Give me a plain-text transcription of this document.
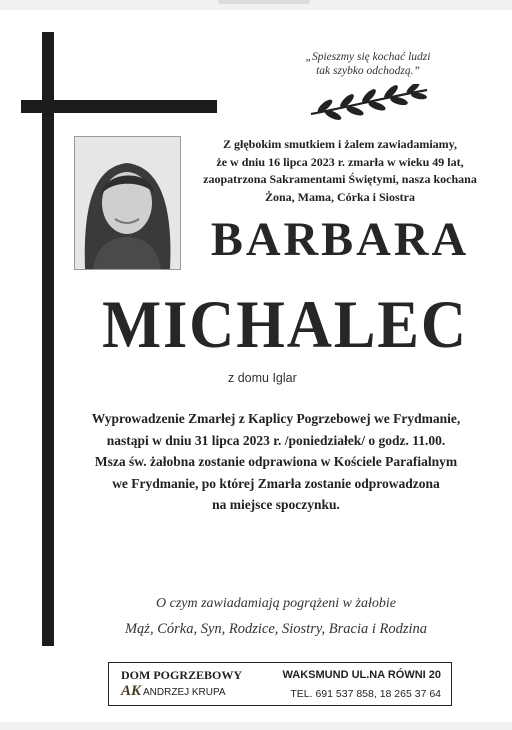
„Spieszmy się kochać ludzi
tak szybko odchodzą.”
Z głębokim smutkiem i żalem zawiadamiamy,
że w dniu 16 lipca 2023 r. zmarła w wieku 49 lat,
zaopatrzona Sakramentami Świętymi, nasza kochana
Żona, Mama, Córka i Siostra
BARBARA
MICHALEC
z domu Iglar
Wyprowadzenie Zmarłej z Kaplicy Pogrzebowej we Frydmanie,
nastąpi w dniu 31 lipca 2023 r. /poniedziałek/ o godz. 11.00.
Msza św. żałobna zostanie odprawiona w Kościele Parafialnym
we Frydmanie, po której Zmarła zostanie odprowadzona
na miejsce spoczynku.
O czym zawiadamiają pogrążeni w żałobie
Mąż, Córka, Syn, Rodzice, Siostry, Bracia i Rodzina
DOM POGRZEBOWY
AK ANDRZEJ KRUPA
WAKSMUND UL.NA RÓWNI 20
TEL. 691 537 858, 18 265 37 64
